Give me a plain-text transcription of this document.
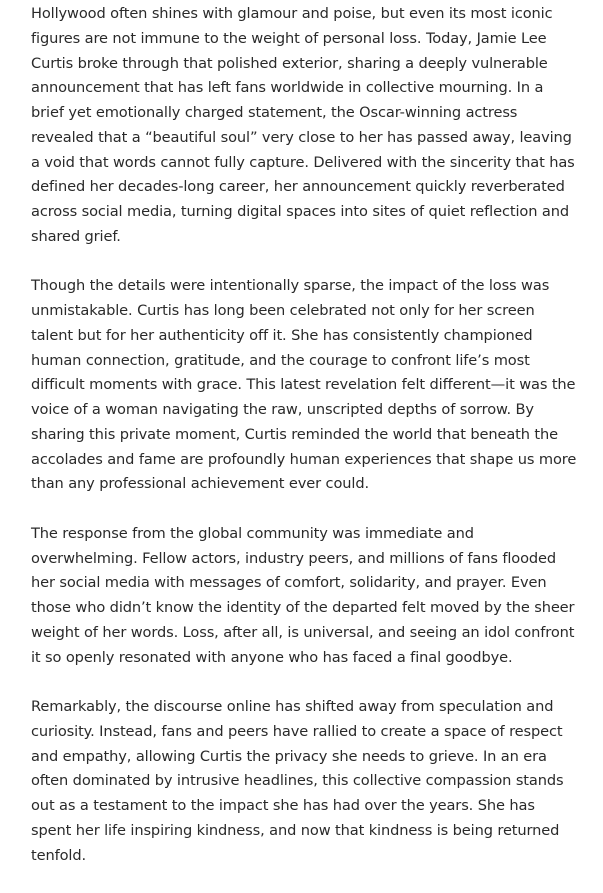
Hollywood often shines with glamour and poise, but even its most iconic figures are not immune to the weight of personal loss. Today, Jamie Lee Curtis broke through that polished exterior, sharing a deeply vulnerable announcement that has left fans worldwide in collective mourning. In a brief yet emotionally charged statement, the Oscar-winning actress revealed that a “beautiful soul” very close to her has passed away, leaving a void that words cannot fully capture. Delivered with the sincerity that has defined her decades-long career, her announcement quickly reverberated across social media, turning digital spaces into sites of quiet reflection and shared grief.

Though the details were intentionally sparse, the impact of the loss was unmistakable. Curtis has long been celebrated not only for her screen talent but for her authenticity off it. She has consistently championed human connection, gratitude, and the courage to confront life’s most difficult moments with grace. This latest revelation felt different—it was the voice of a woman navigating the raw, unscripted depths of sorrow. By sharing this private moment, Curtis reminded the world that beneath the accolades and fame are profoundly human experiences that shape us more than any professional achievement ever could.

The response from the global community was immediate and overwhelming. Fellow actors, industry peers, and millions of fans flooded her social media with messages of comfort, solidarity, and prayer. Even those who didn’t know the identity of the departed felt moved by the sheer weight of her words. Loss, after all, is universal, and seeing an idol confront it so openly resonated with anyone who has faced a final goodbye.

Remarkably, the discourse online has shifted away from speculation and curiosity. Instead, fans and peers have rallied to create a space of respect and empathy, allowing Curtis the privacy she needs to grieve. In an era often dominated by intrusive headlines, this collective compassion stands out as a testament to the impact she has had over the years. She has spent her life inspiring kindness, and now that kindness is being returned tenfold.
